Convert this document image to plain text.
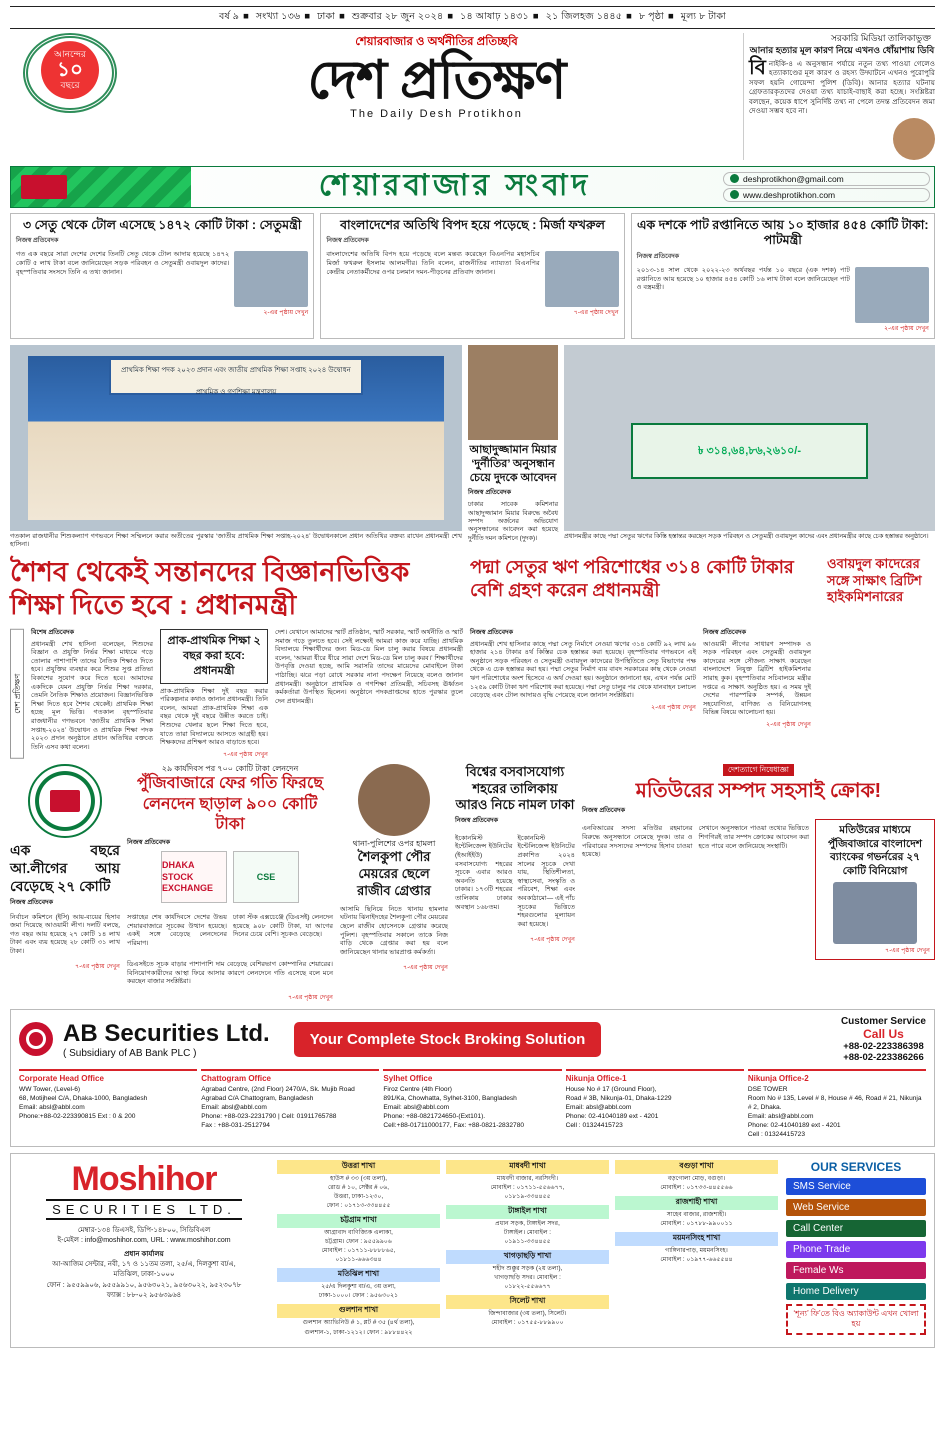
বর্ষ ৯ ■ সংখ্যা ১৩৬ ■ ঢাকা ■ শুক্রবার ২৮ জুন ২০২৪ ■ ১৪ আষাঢ় ১৪৩১ ■ ২১ জিলহজ ১৪৪৫ ■ ৮ পৃষ্ঠা ■ মূল্য ৮ টাকা
আনন্দের
১০
বছরে
শেয়ারবাজার ও অর্থনীতির প্রতিচ্ছবি
দেশ প্রতিক্ষণ
The Daily Desh Protikhon
সরকারি মিডিয়া তালিকাভুক্ত
আনার হত্যার মূল কারণ নিয়ে এখনও ধোঁয়াশায় ডিবি
বি নাইকি-৪ এ অনুসন্ধান পর্যায়ে নতুন তথ্য পাওয়া গেলেও হত্যাকাণ্ডের মূল কারণ ও রহস্য উদ্ঘাটনে এখনও পুরোপুরি সফল হয়নি গোয়েন্দা পুলিশ (ডিবি)। আনার হত্যার ঘটনায় গ্রেফতারকৃতদের দেওয়া তথ্য যাচাই-বাছাই করা হচ্ছে। সংশ্লিষ্টরা বলছেন, কয়েক ধাপে সুনির্দিষ্ট তথ্য না পেলে তদন্ত প্রতিবেদন জমা দেওয়া সম্ভব হবে না।
শেয়ারবাজার সংবাদ	deshprotikhon@gmail.com
www.deshprotikhon.com
৩ সেতু থেকে টোল এসেছে ১৪৭২ কোটি টাকা : সেতুমন্ত্রী
নিজস্ব প্রতিবেদক
গত এক বছরে সারা দেশের দেশের তিনটি সেতু থেকে টোল আদায় হয়েছে ১৪৭২ কোটি ৫ লাখ টাকা বলে জানিয়েছেন সড়ক পরিবহন ও সেতুমন্ত্রী ওবায়দুল কাদের। বৃহস্পতিবার সংসদে তিনি এ তথ্য জানান।
২-এর পৃষ্ঠায় দেখুন
বাংলাদেশের অতিথি বিপদ হয়ে পড়েছে : মির্জা ফখরুল
নিজস্ব প্রতিবেদক
বাংলাদেশের অতিথি বিপদ হয়ে পড়েছে বলে মন্তব্য করেছেন বিএনপির মহাসচিব মির্জা ফখরুল ইসলাম আলমগীর। তিনি বলেন, রাজনীতির ন্যায্যতা বিএনপির কেন্দ্রীয় নেতাকর্মীদের ওপর চলমান দমন-পীড়নের প্রতিবাদ জানান।
৭-এর পৃষ্ঠায় দেখুন
এক দশকে পাট রপ্তানিতে আয় ১০ হাজার ৪৫৪ কোটি টাকা: পাটমন্ত্রী
নিজস্ব প্রতিবেদক
২০১৩-১৪ সাল থেকে ২০২২-২৩ অর্থবছর পর্যন্ত ১০ বছরে (এক দশক) পাট রপ্তানিতে আয় হয়েছে ১০ হাজার ৪৫৪ কোটি ১৬ লাখ টাকা বলে জানিয়েছেন পাট ও বস্ত্রমন্ত্রী।
২-এর পৃষ্ঠায় দেখুন
প্রাথমিক শিক্ষা পদক ২০২৩ প্রদান এবং জাতীয় প্রাথমিক শিক্ষা সপ্তাহ ২০২৪ উদ্বোধন
প্রাথমিক ও গণশিক্ষা মন্ত্রণালয়
গতকাল রাজধানীর শিশুকল্যাণ গণভবনে শিক্ষা সম্মিলনে করার অতীতের পুরস্কার ‘জাতীয় প্রাথমিক শিক্ষা সপ্তাহ-২০২৪’ উদ্বোধনকালে প্রধান অতিথির বক্তব্য রাখেন প্রধানমন্ত্রী শেখ হাসিনা।
আছাদুজ্জামান মিয়ার ‘দুর্নীতির’ অনুসন্ধান চেয়ে দুদকে আবেদন
নিজস্ব প্রতিবেদক

ঢাকার সাবেক কমিশনার আছাদুজ্জামান মিয়ার বিরুদ্ধে অবৈধ সম্পদ অর্জনের অভিযোগ অনুসন্ধানের আবেদন করা হয়েছে দুর্নীতি দমন কমিশনে (দুদক)।

৳ ৩১৪,৬৪,৮৬,২৬১০/-
প্রধানমন্ত্রীর কাছে পদ্মা সেতুর ঋণের কিস্তি হস্তান্তর করছেন সড়ক পরিবহন ও সেতুমন্ত্রী ওবায়দুল কাদের এবং প্রধানমন্ত্রীর কাছে চেক হস্তান্তর অনুষ্ঠানে।
শৈশব থেকেই সন্তানদের বিজ্ঞানভিত্তিক শিক্ষা দিতে হবে : প্রধানমন্ত্রী
পদ্মা সেতুর ঋণ পরিশোধের ৩১৪ কোটি টাকার বেশি গ্রহণ করেন প্রধানমন্ত্রী
ওবায়দুল কাদেরের সঙ্গে সাক্ষাৎ ব্রিটিশ হাইকমিশনারের
দেশ প্রতিক্ষণ
বিশেষ প্রতিবেদক

প্রধানমন্ত্রী শেখ হাসিনা বলেছেন, শিশুদের বিজ্ঞান ও প্রযুক্তি নির্ভর শিক্ষা মাধ্যমে গড়ে তোলার পাশাপাশি তাদের নৈতিক শিক্ষাও দিতে হবে। প্রযুক্তির ব্যবহার করে শিশুর সুপ্ত প্রতিভা বিকাশের সুযোগ করে দিতে হবে। আমাদের একদিকে যেমন প্রযুক্তি নির্ভর শিক্ষা দরকার, তেমনি নৈতিক শিক্ষাও প্রয়োজন। বিজ্ঞানভিত্তিক শিক্ষা দিতে হবে শৈশব থেকেই। প্রাথমিক শিক্ষা হচ্ছে মূল ভিত্তি। গতকাল বৃহস্পতিবার রাজধানীর গণভবনে ‘জাতীয় প্রাথমিক শিক্ষা সপ্তাহ-২০২৪’ উদ্বোধন ও প্রাথমিক শিক্ষা পদক ২০২৩ প্রদান অনুষ্ঠানে প্রধান অতিথির বক্তব্যে তিনি এসব কথা বলেন।

প্রাক-প্রাথমিক শিক্ষা ২ বছর করা হবে: প্রধানমন্ত্রী

প্রাক-প্রাথমিক শিক্ষা দুই বছর করার পরিকল্পনার কথাও জানান প্রধানমন্ত্রী। তিনি বলেন, আমরা প্রাক-প্রাথমিক শিক্ষা এক বছর থেকে দুই বছরে উন্নীত করতে চাই। শিশুদের খেলার ছলে শিক্ষা দিতে হবে, যাতে তারা বিদ্যালয়ে আসতে আগ্রহী হয়। শিক্ষকদের প্রশিক্ষণ আরও বাড়াতে হবে।

৭-এর পৃষ্ঠায় দেখুন

দেশ। যেখানে আমাদের স্মার্ট প্রতিষ্ঠান, স্মার্ট সরকার, স্মার্ট অর্থনীতি ও স্মার্ট সমাজ গড়ে তুলতে হবে। সেই লক্ষ্যেই আমরা কাজ করে যাচ্ছি। প্রাথমিক বিদ্যালয়ে শিক্ষার্থীদের জন্য মিড-ডে মিল চালু করার বিষয়ে প্রধানমন্ত্রী বলেন, ‘আমরা ধীরে ধীরে সারা দেশে মিড-ডে মিল চালু করব।’ শিক্ষার্থীদের উপবৃত্তি দেওয়া হচ্ছে, আমি সরাসরি তাদের মায়েদের মোবাইলে টাকা পাঠাচ্ছি। ঝরে পড়া রোধে সরকার নানা পদক্ষেপ নিয়েছে বলেও জানান প্রধানমন্ত্রী। অনুষ্ঠানে প্রাথমিক ও গণশিক্ষা প্রতিমন্ত্রী, সচিবসহ ঊর্ধ্বতন কর্মকর্তারা উপস্থিত ছিলেন। অনুষ্ঠানে পদকপ্রাপ্তদের হাতে পুরস্কার তুলে দেন প্রধানমন্ত্রী।

নিজস্ব প্রতিবেদক

প্রধানমন্ত্রী শেখ হাসিনার কাছে পদ্মা সেতু নির্মাণে নেওয়া ঋণের ৩১৪ কোটি ৯২ লাখ ৯৬ হাজার ২১৪ টাকার ৪র্থ কিস্তির চেক হস্তান্তর করা হয়েছে। বৃহস্পতিবার গণভবনে এই অনুষ্ঠানে সড়ক পরিবহন ও সেতুমন্ত্রী ওবায়দুল কাদেরের উপস্থিতিতে সেতু বিভাগের পক্ষ থেকে এ চেক হস্তান্তর করা হয়। পদ্মা সেতুর নির্মাণ ব্যয় বাবদ সরকারের কাছ থেকে নেওয়া ঋণ পরিশোধের অংশ হিসেবে এ অর্থ দেওয়া হয়। অনুষ্ঠানে জানানো হয়, এখন পর্যন্ত মোট ১২৫৯ কোটি টাকা ঋণ পরিশোধ করা হয়েছে। পদ্মা সেতু চালুর পর থেকে যানবাহন চলাচল বেড়েছে এবং টোল আদায়ও বৃদ্ধি পেয়েছে বলে জানান সংশ্লিষ্টরা।

২-এর পৃষ্ঠায় দেখুন
নিজস্ব প্রতিবেদক

আওয়ামী লীগের সাধারণ সম্পাদক ও সড়ক পরিবহন এবং সেতুমন্ত্রী ওবায়দুল কাদেরের সঙ্গে সৌজন্য সাক্ষাৎ করেছেন বাংলাদেশে নিযুক্ত ব্রিটিশ হাইকমিশনার সারাহ কুক। বৃহস্পতিবার সচিবালয়ে মন্ত্রীর দপ্তরে এ সাক্ষাৎ অনুষ্ঠিত হয়। এ সময় দুই দেশের পারস্পরিক সম্পর্ক, উন্নয়ন সহযোগিতা, বাণিজ্য ও বিনিয়োগসহ বিভিন্ন বিষয়ে আলোচনা হয়।

২-এর পৃষ্ঠায় দেখুন
এক বছরে আ.লীগের আয় বেড়েছে ২৭ কোটি
নিজস্ব প্রতিবেদক

নির্বাচন কমিশনে (ইসি) আয়-ব্যয়ের হিসাব জমা দিয়েছে আওয়ামী লীগ। দলটি বলছে, গত বছর আয় হয়েছে ২৭ কোটি ১৪ লাখ টাকা এবং ব্যয় হয়েছে ২৮ কোটি ৩১ লাখ টাকা।

৭-এর পৃষ্ঠায় দেখুন
২৯ কার্যদিবস পর ৭০০ কোটি টাকা লেনদেন
পুঁজিবাজারে ফের গতি ফিরছে লেনদেন ছাড়াল ৯০০ কোটি টাকা
নিজস্ব প্রতিবেদক
DHAKA STOCK EXCHANGE
CSE

সপ্তাহের শেষ কার্যদিবসে দেশের উভয় শেয়ারবাজারে সূচকের উত্থান হয়েছে। একই সঙ্গে বেড়েছে লেনদেনের পরিমাণ।

ঢাকা স্টক এক্সচেঞ্জে (ডিএসই) লেনদেন হয়েছে ৯০৮ কোটি টাকা, যা আগের দিনের চেয়ে বেশি। সূচকও বেড়েছে।

ডিএসইতে সূচক বাড়ার পাশাপাশি দাম বেড়েছে বেশিরভাগ কোম্পানির শেয়ারের। বিনিয়োগকারীদের আস্থা ফিরে আসার কারণে লেনদেনে গতি এসেছে বলে মনে করছেন বাজার সংশ্লিষ্টরা।

৭-এর পৃষ্ঠায় দেখুন
থানা-পুলিশের ওপর হামলা
শৈলকুপা পৌর মেয়রের ছেলে রাজীব গ্রেপ্তার

আসামি ছিনিয়ে নিতে থানায় হামলার ঘটনায় ঝিনাইদহের শৈলকুপা পৌর মেয়রের ছেলে রাজীব হোসেনকে গ্রেপ্তার করেছে পুলিশ। বৃহস্পতিবার সকালে তাকে নিজ বাড়ি থেকে গ্রেপ্তার করা হয় বলে জানিয়েছেন থানার ভারপ্রাপ্ত কর্মকর্তা।

৭-এর পৃষ্ঠায় দেখুন
বিশ্বের বসবাসযোগ্য শহরের তালিকায় আরও নিচে নামল ঢাকা
নিজস্ব প্রতিবেদক

ইকোনমিস্ট ইন্টেলিজেন্স ইউনিটের (ইআইইউ) বসবাসযোগ্য শহরের সূচকে এবার আরও অবনতি হয়েছে ঢাকার। ১৭৩টি শহরের তালিকায় ঢাকার অবস্থান ১৬৮তম।

ইকোনমিস্ট ইন্টেলিজেন্স ইউনিটের প্রকাশিত ২০২৪ সালের সূচকে দেখা যায়, স্থিতিশীলতা, স্বাস্থ্যসেবা, সংস্কৃতি ও পরিবেশ, শিক্ষা এবং অবকাঠামো— এই পাঁচ সূচকের ভিত্তিতে শহরগুলোর মূল্যায়ন করা হয়েছে।

৭-এর পৃষ্ঠায় দেখুন
দেশত্যাগে নিষেধাজ্ঞা
মতিউরের সম্পদ সহসাই ক্রোক!
নিজস্ব প্রতিবেদক

এনবিআরের সদস্য মতিউর রহমানের বিরুদ্ধে অনুসন্ধানে নেমেছে দুদক। তার ও পরিবারের সদস্যদের সম্পদের হিসাব চাওয়া হয়েছে।

সেখানে অনুসন্ধানে পাওয়া তথ্যের ভিত্তিতে শিগগিরই তার সম্পদ ক্রোকের আবেদন করা হতে পারে বলে জানিয়েছে সংস্থাটি।

মতিউরের মাধ্যমে পুঁজিবাজারে বাংলাদেশ ব্যাংকের গভর্নরের ২৭ কোটি বিনিয়োগ
৭-এর পৃষ্ঠায় দেখুন
AB Securities Ltd.
( Subsidiary of AB Bank PLC )
Your Complete Stock Broking Solution
Customer Service
Call Us
+88-02-223386398
+88-02-223386266
Corporate Head Office
WW Tower, (Level-6)
68, Motijheel C/A, Dhaka-1000, Bangladesh
Email: absl@abbl.com
Phone:+88-02-223390815 Ext : 0 & 200
Chattogram Office
Agrabad Centre, (2nd Floor) 2470/A, Sk. Mujib Road
Agrabad C/A Chattogram, Bangladesh
Email: absl@abbl.com
Phone: +88-023-2231790 | Cell: 01911765788
Fax : +88-031-2512794
Sylhet Office
Firoz Centre (4th Floor)
891/Ka, Chowhatta, Sylhet-3100, Bangladesh
Email: absl@abbl.com
Phone: +88-0821724650-(Ext101).
Cell:+88-01711000177, Fax: +88-0821-2832780
Nikunja Office-1
House No # 17 (Ground Floor),
Road # 3B, Nikunja-01, Dhaka-1229
Email: absl@abbl.com
Phone: 02-41040189 ext - 4201
Cell : 01324415723
Nikunja Office-2
DSE TOWER
Room No # 135, Level # 8, House # 46, Road # 21, Nikunja # 2, Dhaka.
Email: absl@abbl.com
Phone: 02-41040189 ext - 4201
Cell : 01324415723
Moshihor
SECURITIES LTD.
মেম্বার-১৩৪ ডিএসই, ডিপি-১৪৮০০, সিডিবিএল
ই-মেইল : info@moshihor.com, URL : www.moshihor.com
প্রধান কার্যালয়
আ-আজিম সেন্টার, নবী, ১৭ ও ১১তম তলা, ২৫/এ, দিলকুশা বা/এ,
মতিঝিল, ঢাকা-১০০০
ফোন : ৯৫৫৯৯০৬, ৯৫৫৯৯১০, ৯৫৬৩০২১, ৯৫৬৩০২২, ৯৫২৩০৭৮
ফ্যাক্স : ৮৮-০২ ৯৫৬৩৯৬৪
উত্তরা শাখা

হাউস # ৩৩ (৩য় তলা),

রোড # ১০, সেক্টর # ০৬,

উত্তরা, ঢাকা-১২৩০,

ফোন : ০১৭১৩-৩৩৪৪৫৫

চট্টগ্রাম শাখা

আগ্রাবাদ বাণিজ্যিক এলাকা,

চট্টগ্রাম। ফোন : ৯৫৫৯৯০৬

মোবাইল : ০১৭১১-৮৮৮৮৬৫,

০১৮১১-৬৬৬৩৪৪

মতিঝিল শাখা

২৫/এ দিলকুশা বা/এ, ৩য় তলা,

ঢাকা-১০০০। ফোন : ৯৫৬৩০২১

গুলশান শাখা

গুলশান অ্যাভিনিউ # ১, প্লট # ৩৫ (৪র্থ তলা),

গুলশান-১, ঢাকা-১২১২। ফোন : ৯৮৮৪৪২২

মাধবদী শাখা

মাধবদী বাজার, নরসিংদী।

মোবাইল : ০১৭১১-৫৫৬৬৭৭,

০১৮১৯-৩৩৪৪৫৫

টাঙ্গাইল শাখা

প্রধান সড়ক, টাঙ্গাইল সদর,

টাঙ্গাইল। মোবাইল :

০১৯১১-৩৩৪৪৫৫

খাগড়াছড়ি শাখা

শহীদ শুক্কুর সড়ক (২য় তলা),

খাগড়াছড়ি সদর। মোবাইল :

০১৮২২-৫৫৬৬৭৭

সিলেট শাখা

জিন্দাবাজার (৩য় তলা), সিলেট।

মোবাইল : ০১৭৫৫-৮৮৯৯০০

বগুড়া শাখা

বড়গোলা মোড়, বগুড়া।

মোবাইল : ০১৭৩৩-৪৪৫৫৬৬

রাজশাহী শাখা

সাহেব বাজার, রাজশাহী।

মোবাইল : ০১৭৮৮-৯৯০০১১

ময়মনসিংহ শাখা

গাঙ্গিনারপাড়, ময়মনসিংহ।

মোবাইল : ০১৯৭৭-৬৬৫৫৪৪

OUR SERVICES
SMS Service
Web Service
Call Center
Phone Trade
Female Ws
Home Delivery
‘শূন্য’ ফি’তে বিও অ্যাকাউন্ট এখন খোলা হয়
